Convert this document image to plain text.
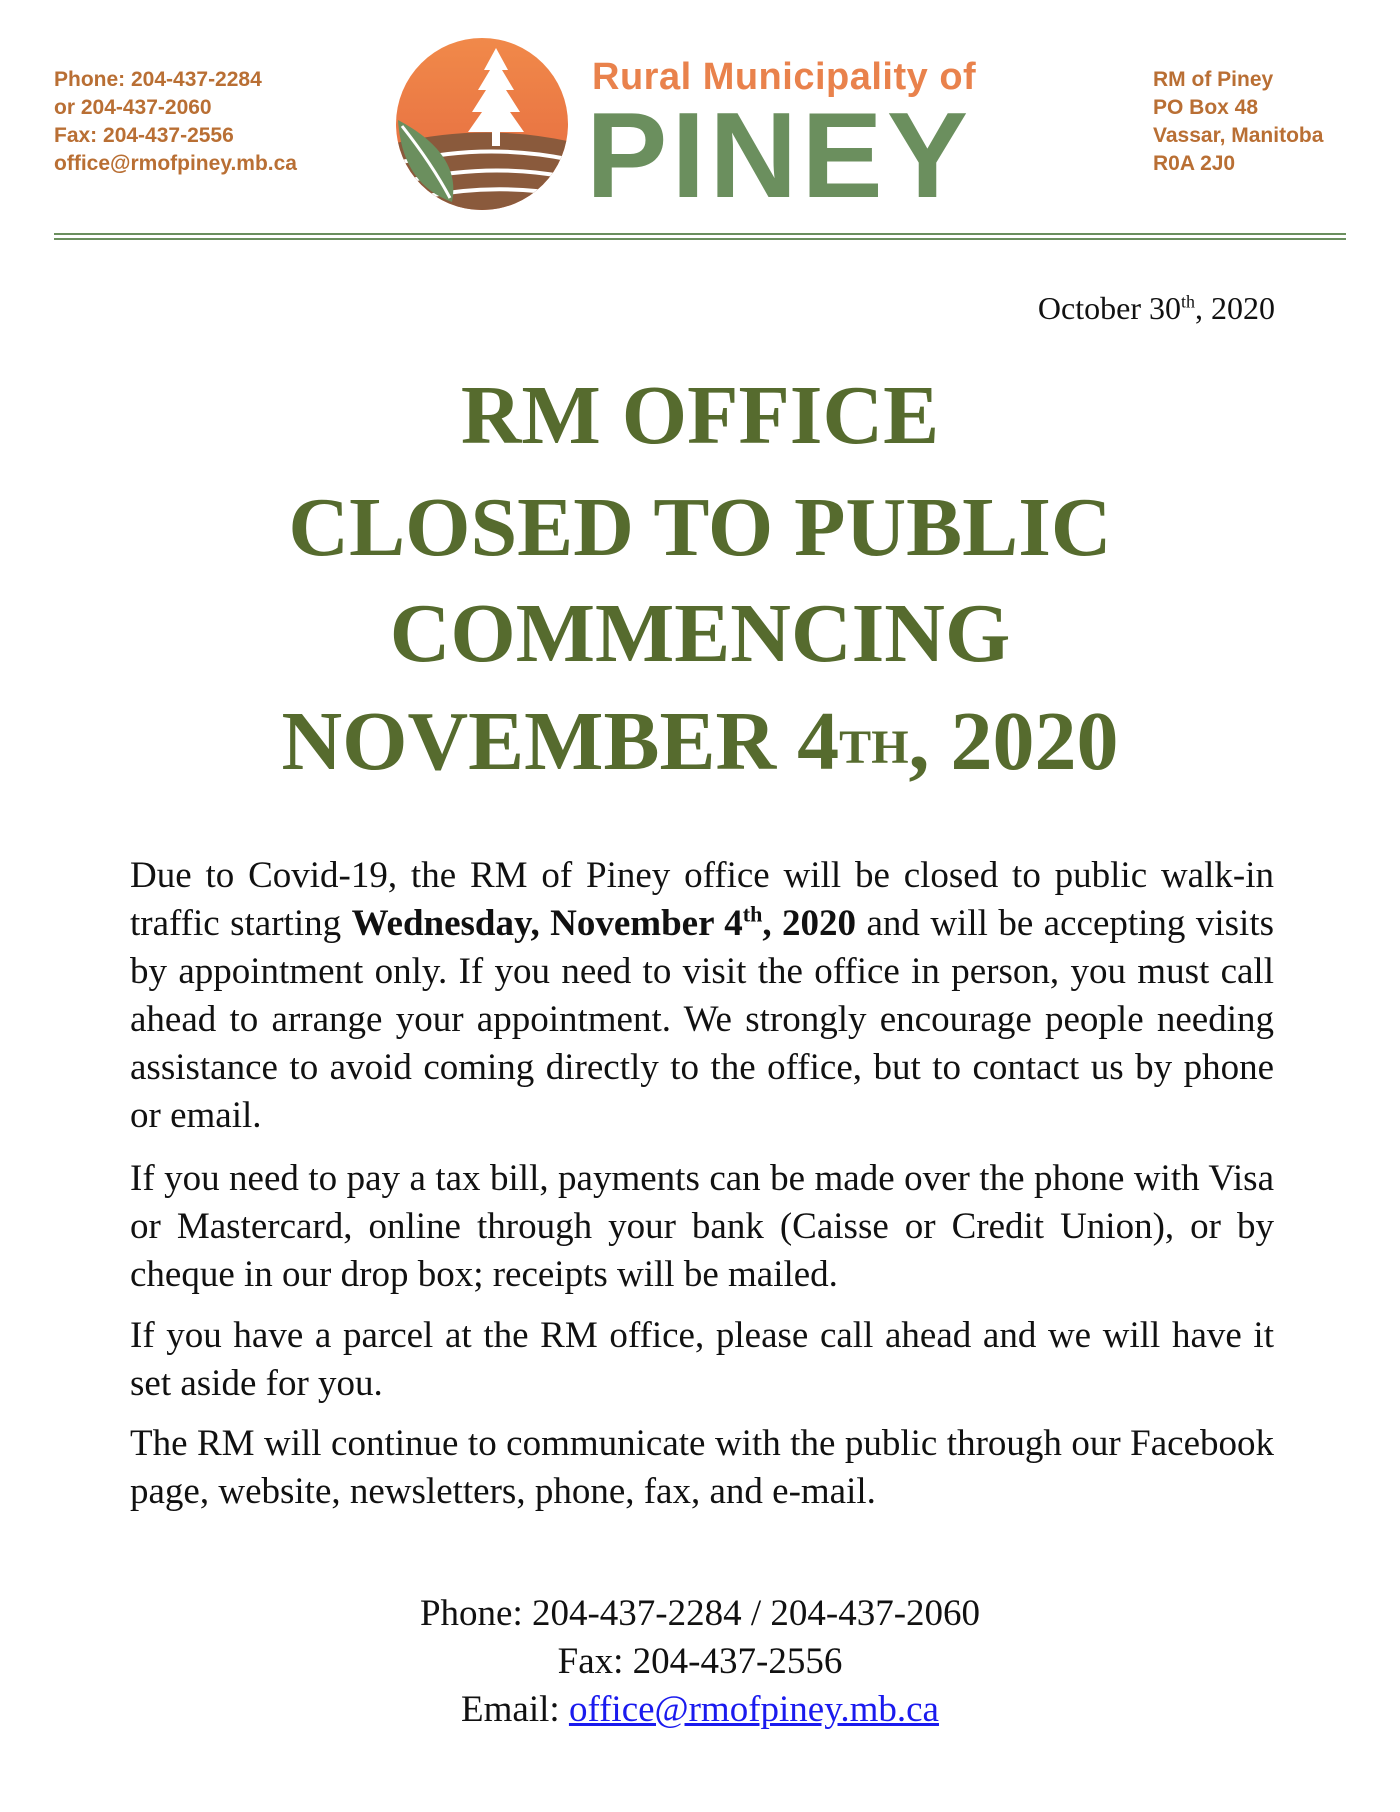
Phone: 204-437-2284
or 204-437-2060
Fax: 204-437-2556
office@rmofpiney.mb.ca
Rural Municipality of
PINEY
RM of Piney
PO Box 48
Vassar, Manitoba
R0A 2J0
October 30th, 2020
RM OFFICE
CLOSED TO PUBLIC
COMMENCING
NOVEMBER 4TH, 2020
Due to Covid-19, the RM of Piney office will be closed to public walk-in traffic starting Wednesday, November 4th, 2020 and will be accepting visits by appointment only. If you need to visit the office in person, you must call ahead to arrange your appointment. We strongly encourage people needing assistance to avoid coming directly to the office, but to contact us by phone or email.
If you need to pay a tax bill, payments can be made over the phone with Visa or Mastercard, online through your bank (Caisse or Credit Union), or by cheque in our drop box; receipts will be mailed.
If you have a parcel at the RM office, please call ahead and we will have it set aside for you.
The RM will continue to communicate with the public through our Facebook page, website, newsletters, phone, fax, and e-mail.
Phone: 204-437-2284 / 204-437-2060
Fax: 204-437-2556
Email: office@rmofpiney.mb.ca
